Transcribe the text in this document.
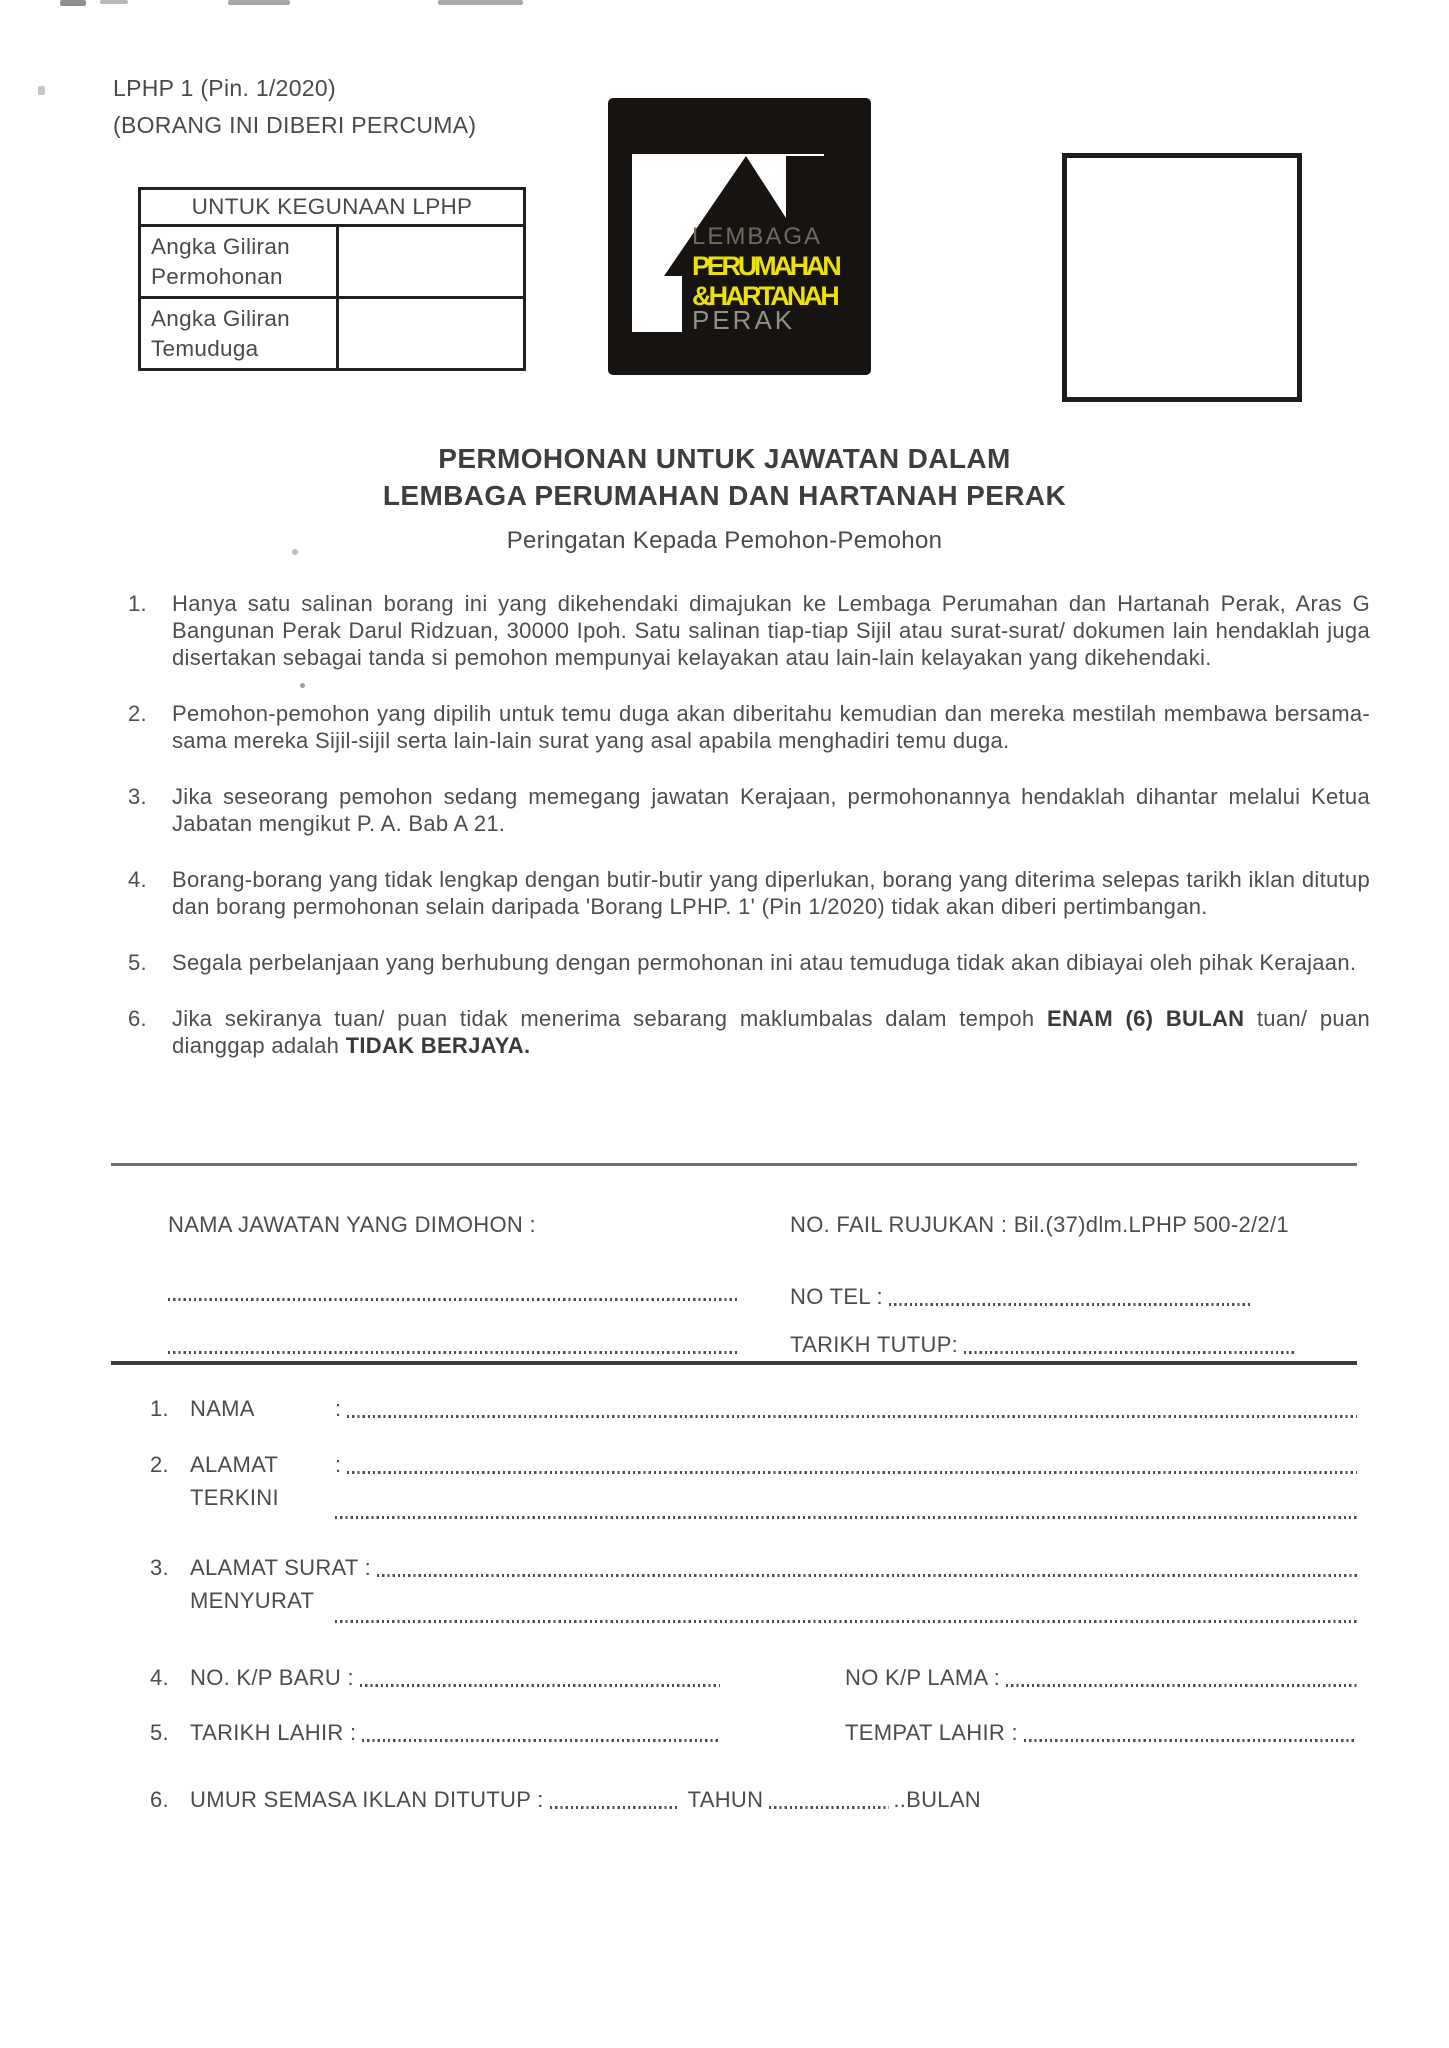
LPHP 1 (Pin. 1/2020)
(BORANG INI DIBERI PERCUMA)
UNTUK KEGUNAAN LPHP
Angka Giliran Permohonan
Angka Giliran Temuduga
LEMBAGA
PERUMAHAN
&HARTANAH
PERAK
PERMOHONAN UNTUK JAWATAN DALAM
LEMBAGA PERUMAHAN DAN HARTANAH PERAK
Peringatan Kepada Pemohon-Pemohon
1.	Hanya satu salinan borang ini yang dikehendaki dimajukan ke Lembaga Perumahan dan Hartanah Perak, Aras G Bangunan Perak Darul Ridzuan, 30000 Ipoh. Satu salinan tiap-tiap Sijil atau surat-surat/ dokumen lain hendaklah juga disertakan sebagai tanda si pemohon mempunyai kelayakan atau lain-lain kelayakan yang dikehendaki.
2.	Pemohon-pemohon yang dipilih untuk temu duga akan diberitahu kemudian dan mereka mestilah membawa bersama-sama mereka Sijil-sijil serta lain-lain surat yang asal apabila menghadiri temu duga.
3.	Jika seseorang pemohon sedang memegang jawatan Kerajaan, permohonannya hendaklah dihantar melalui Ketua Jabatan mengikut P. A. Bab A 21.
4.	Borang-borang yang tidak lengkap dengan butir-butir yang diperlukan, borang yang diterima selepas tarikh iklan ditutup dan borang permohonan selain daripada 'Borang LPHP. 1' (Pin 1/2020) tidak akan diberi pertimbangan.
5.	Segala perbelanjaan yang berhubung dengan permohonan ini atau temuduga tidak akan dibiayai oleh pihak Kerajaan.
6.	Jika sekiranya tuan/ puan tidak menerima sebarang maklumbalas dalam tempoh ENAM (6) BULAN tuan/ puan dianggap adalah TIDAK BERJAYA.
NAMA JAWATAN YANG DIMOHON :	NO. FAIL RUJUKAN : Bil.(37)dlm.LPHP 500-2/2/1
NO TEL :
TARIKH TUTUP:
1. NAMA	:
2. ALAMAT	:
TERKINI
3. ALAMAT SURAT :
MENYURAT
4. NO. K/P BARU :	NO K/P LAMA :
5. TARIKH LAHIR :	TEMPAT LAHIR :
6. UMUR SEMASA IKLAN DITUTUP :	TAHUN	..BULAN
